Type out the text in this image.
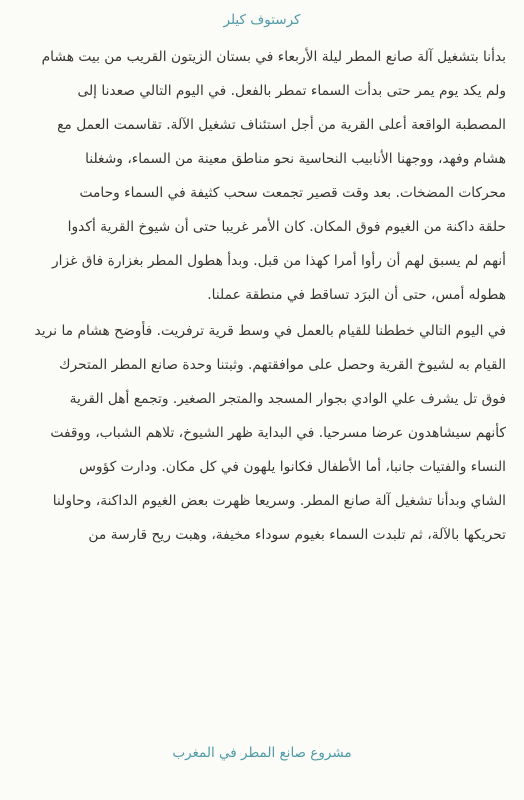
كرستوف كيلر
بدأنا بتشغيل آلة صانع المطر ليلة الأربعاء في بستان الزيتون القريب من بيت هشام
ولم يكد يوم يمر حتى بدأت السماء تمطر بالفعل. في اليوم التالي صعدنا إلى
المصطبة الواقعة أعلى القرية من أجل استئناف تشغيل الآلة. تقاسمت العمل مع
هشام وفهد، ووجهنا الأنابيب النحاسية نحو مناطق معينة من السماء، وشغلنا
محركات المضخات. بعد وقت قصير تجمعت سحب كثيفة في السماء وحامت
حلقة داكنة من الغيوم فوق المكان. كان الأمر غريبا حتى أن شيوخ القرية أكدوا
أنهم لم يسبق لهم أن رأوا أمرا كهذا من قبل. وبدأ هطول المطر بغزارة فاق غزار
هطوله أمس، حتى أن البرَد تساقط في منطقة عملنا.
في اليوم التالي خططنا للقيام بالعمل في وسط قرية ترفريت. فأوضح هشام ما نريد
القيام به لشيوخ القرية وحصل على موافقتهم. وثبتنا وحدة صانع المطر المتحرك
فوق تل يشرف علي الوادي بجوار المسجد والمتجر الصغير. وتجمع أهل القرية
كأنهم سيشاهدون عرضا مسرحيا. في البداية ظهر الشيوخ، تلاهم الشباب، ووقفت
النساء والفتيات جانبا، أما الأطفال فكانوا يلهون في كل مكان. ودارت كؤوس
الشاي وبدأنا تشغيل آلة صانع المطر. وسريعا ظهرت بعض الغيوم الداكنة، وحاولنا
تحريكها بالآلة، ثم تلبدت السماء بغيوم سوداء مخيفة، وهبت ريح قارسة من
مشروع صانع المطر في المغرب
